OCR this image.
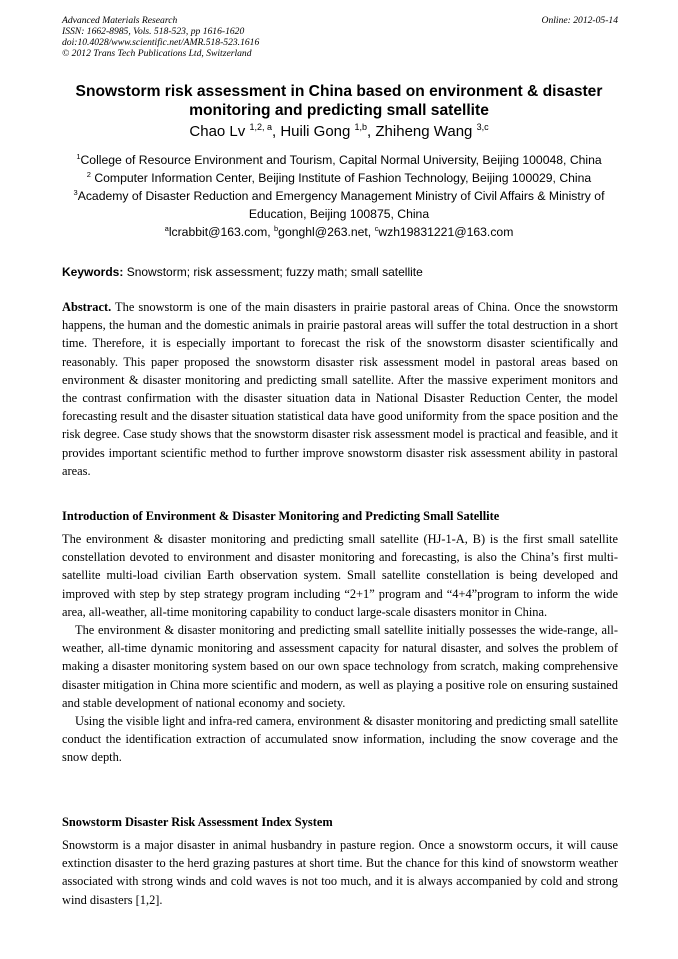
Advanced Materials Research
ISSN: 1662-8985, Vols. 518-523, pp 1616-1620
doi:10.4028/www.scientific.net/AMR.518-523.1616
© 2012 Trans Tech Publications Ltd, Switzerland
Online: 2012-05-14
Snowstorm risk assessment in China based on environment & disaster
monitoring and predicting small satellite
Chao Lv $^{1,2, a}$, Huili Gong $^{1,b}$, Zhiheng Wang $^{3,c}$
$^1$College of Resource Environment and Tourism, Capital Normal University, Beijing 100048, China
$^2$ Computer Information Center, Beijing Institute of Fashion Technology, Beijing 100029, China
$^3$Academy of Disaster Reduction and Emergency Management Ministry of Civil Affairs & Ministry of
Education, Beijing 100875, China
$^a$lcrabbit@163.com, $^b$gonghl@263.net, $^c$wzh19831221@163.com
Keywords: Snowstorm; risk assessment; fuzzy math; small satellite

Abstract. The snowstorm is one of the main disasters in prairie pastoral areas of China. Once the snowstorm happens, the human and the domestic animals in prairie pastoral areas will suffer the total destruction in a short time. Therefore, it is especially important to forecast the risk of the snowstorm disaster scientifically and reasonably. This paper proposed the snowstorm disaster risk assessment model in pastoral areas based on environment & disaster monitoring and predicting small satellite. After the massive experiment monitors and the contrast confirmation with the disaster situation data in National Disaster Reduction Center, the model forecasting result and the disaster situation statistical data have good uniformity from the space position and the risk degree. Case study shows that the snowstorm disaster risk assessment model is practical and feasible, and it provides important scientific method to further improve snowstorm disaster risk assessment ability in pastoral areas.

Introduction of Environment & Disaster Monitoring and Predicting Small Satellite

The environment & disaster monitoring and predicting small satellite (HJ-1-A, B) is the first small satellite constellation devoted to environment and disaster monitoring and forecasting, is also the China’s first multi-satellite multi-load civilian Earth observation system. Small satellite constellation is being developed and improved with step by step strategy program including “2+1” program and “4+4”program to inform the wide area, all-weather, all-time monitoring capability to conduct large-scale disasters monitor in China.

The environment & disaster monitoring and predicting small satellite initially possesses the wide-range, all-weather, all-time dynamic monitoring and assessment capacity for natural disaster, and solves the problem of making a disaster monitoring system based on our own space technology from scratch, making comprehensive disaster mitigation in China more scientific and modern, as well as playing a positive role on ensuring sustained and stable development of national economy and society.

Using the visible light and infra-red camera, environment & disaster monitoring and predicting small satellite conduct the identification extraction of accumulated snow information, including the snow coverage and the snow depth.

Snowstorm Disaster Risk Assessment Index System

Snowstorm is a major disaster in animal husbandry in pasture region. Once a snowstorm occurs, it will cause extinction disaster to the herd grazing pastures at short time. But the chance for this kind of snowstorm weather associated with strong winds and cold waves is not too much, and it is always accompanied by cold and strong wind disasters [1,2].
